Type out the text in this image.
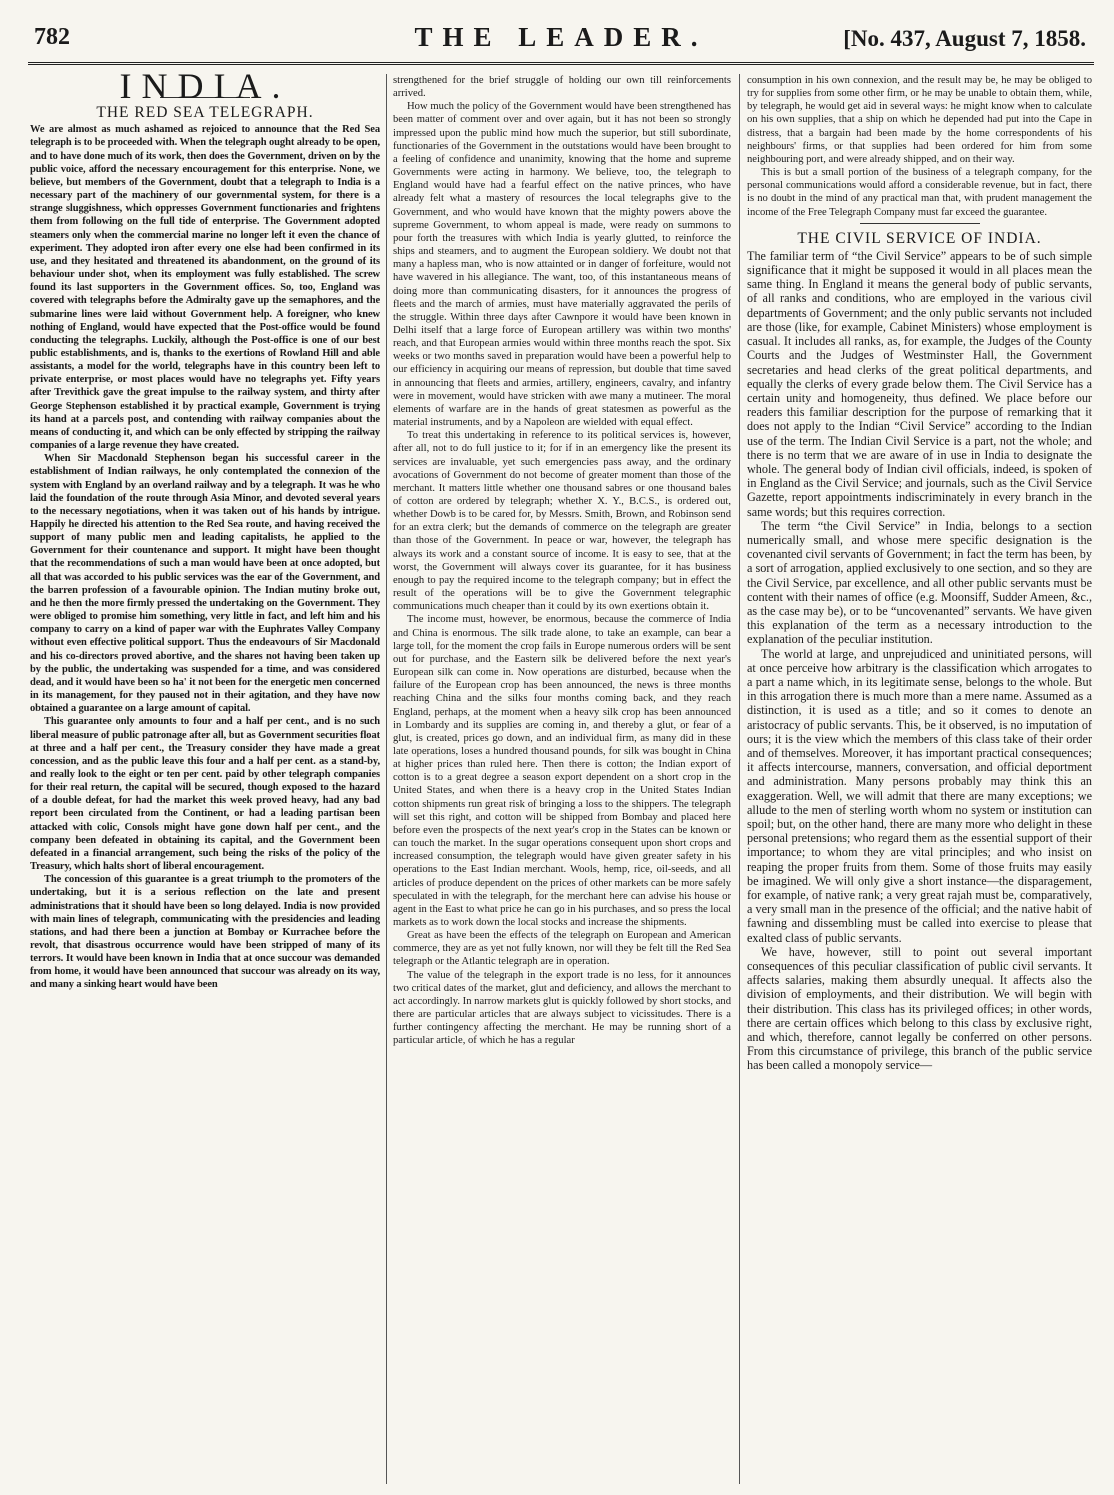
782	THE LEADER.	[No. 437, August 7, 1858.
INDIA.
THE RED SEA TELEGRAPH.

We are almost as much ashamed as rejoiced to announce that the Red Sea telegraph is to be proceeded with. When the telegraph ought already to be open, and to have done much of its work, then does the Government, driven on by the public voice, afford the necessary encouragement for this enterprise. None, we believe, but members of the Government, doubt that a telegraph to India is a necessary part of the machinery of our governmental system, for there is a strange sluggishness, which oppresses Government functionaries and frightens them from following on the full tide of enterprise. The Government adopted steamers only when the commercial marine no longer left it even the chance of experiment. They adopted iron after every one else had been confirmed in its use, and they hesitated and threatened its abandonment, on the ground of its behaviour under shot, when its employment was fully established. The screw found its last supporters in the Government offices. So, too, England was covered with telegraphs before the Admiralty gave up the semaphores, and the submarine lines were laid without Government help. A foreigner, who knew nothing of England, would have expected that the Post-office would be found conducting the telegraphs. Luckily, although the Post-office is one of our best public establishments, and is, thanks to the exertions of Rowland Hill and able assistants, a model for the world, telegraphs have in this country been left to private enterprise, or most places would have no telegraphs yet. Fifty years after Trevithick gave the great impulse to the railway system, and thirty after George Stephenson established it by practical example, Government is trying its hand at a parcels post, and contending with railway companies about the means of conducting it, and which can be only effected by stripping the railway companies of a large revenue they have created.

When Sir Macdonald Stephenson began his successful career in the establishment of Indian railways, he only contemplated the connexion of the system with England by an overland railway and by a telegraph. It was he who laid the foundation of the route through Asia Minor, and devoted several years to the necessary negotiations, when it was taken out of his hands by intrigue. Happily he directed his attention to the Red Sea route, and having received the support of many public men and leading capitalists, he applied to the Government for their countenance and support. It might have been thought that the recommendations of such a man would have been at once adopted, but all that was accorded to his public services was the ear of the Government, and the barren profession of a favourable opinion. The Indian mutiny broke out, and he then the more firmly pressed the undertaking on the Government. They were obliged to promise him something, very little in fact, and left him and his company to carry on a kind of paper war with the Euphrates Valley Company without even effective political support. Thus the endeavours of Sir Macdonald and his co-directors proved abortive, and the shares not having been taken up by the public, the undertaking was suspended for a time, and was considered dead, and it would have been so ha' it not been for the energetic men concerned in its management, for they paused not in their agitation, and they have now obtained a guarantee on a large amount of capital.

This guarantee only amounts to four and a half per cent., and is no such liberal measure of public patronage after all, but as Government securities float at three and a half per cent., the Treasury consider they have made a great concession, and as the public leave this four and a half per cent. as a stand-by, and really look to the eight or ten per cent. paid by other telegraph companies for their real return, the capital will be secured, though exposed to the hazard of a double defeat, for had the market this week proved heavy, had any bad report been circulated from the Continent, or had a leading partisan been attacked with colic, Consols might have gone down half per cent., and the company been defeated in obtaining its capital, and the Government been defeated in a financial arrangement, such being the risks of the policy of the Treasury, which halts short of liberal encouragement.

The concession of this guarantee is a great triumph to the promoters of the undertaking, but it is a serious reflection on the late and present administrations that it should have been so long delayed. India is now provided with main lines of telegraph, communicating with the presidencies and leading stations, and had there been a junction at Bombay or Kurrachee before the revolt, that disastrous occurrence would have been stripped of many of its terrors. It would have been known in India that at once succour was demanded from home, it would have been announced that succour was already on its way, and many a sinking heart would have been

strengthened for the brief struggle of holding our own till reinforcements arrived.

How much the policy of the Government would have been strengthened has been matter of comment over and over again, but it has not been so strongly impressed upon the public mind how much the superior, but still subordinate, functionaries of the Government in the outstations would have been brought to a feeling of confidence and unanimity, knowing that the home and supreme Governments were acting in harmony. We believe, too, the telegraph to England would have had a fearful effect on the native princes, who have already felt what a mastery of resources the local telegraphs give to the Government, and who would have known that the mighty powers above the supreme Government, to whom appeal is made, were ready on summons to pour forth the treasures with which India is yearly glutted, to reinforce the ships and steamers, and to augment the European soldiery. We doubt not that many a hapless man, who is now attainted or in danger of forfeiture, would not have wavered in his allegiance. The want, too, of this instantaneous means of doing more than communicating disasters, for it announces the progress of fleets and the march of armies, must have materially aggravated the perils of the struggle. Within three days after Cawnpore it would have been known in Delhi itself that a large force of European artillery was within two months' reach, and that European armies would within three months reach the spot. Six weeks or two months saved in preparation would have been a powerful help to our efficiency in acquiring our means of repression, but double that time saved in announcing that fleets and armies, artillery, engineers, cavalry, and infantry were in movement, would have stricken with awe many a mutineer. The moral elements of warfare are in the hands of great statesmen as powerful as the material instruments, and by a Napoleon are wielded with equal effect.

To treat this undertaking in reference to its political services is, however, after all, not to do full justice to it; for if in an emergency like the present its services are invaluable, yet such emergencies pass away, and the ordinary avocations of Government do not become of greater moment than those of the merchant. It matters little whether one thousand sabres or one thousand bales of cotton are ordered by telegraph; whether X. Y., B.C.S., is ordered out, whether Dowb is to be cared for, by Messrs. Smith, Brown, and Robinson send for an extra clerk; but the demands of commerce on the telegraph are greater than those of the Government. In peace or war, however, the telegraph has always its work and a constant source of income. It is easy to see, that at the worst, the Government will always cover its guarantee, for it has business enough to pay the required income to the telegraph company; but in effect the result of the operations will be to give the Government telegraphic communications much cheaper than it could by its own exertions obtain it.

The income must, however, be enormous, because the commerce of India and China is enormous. The silk trade alone, to take an example, can bear a large toll, for the moment the crop fails in Europe numerous orders will be sent out for purchase, and the Eastern silk be delivered before the next year's European silk can come in. Now operations are disturbed, because when the failure of the European crop has been announced, the news is three months reaching China and the silks four months coming back, and they reach England, perhaps, at the moment when a heavy silk crop has been announced in Lombardy and its supplies are coming in, and thereby a glut, or fear of a glut, is created, prices go down, and an individual firm, as many did in these late operations, loses a hundred thousand pounds, for silk was bought in China at higher prices than ruled here. Then there is cotton; the Indian export of cotton is to a great degree a season export dependent on a short crop in the United States, and when there is a heavy crop in the United States Indian cotton shipments run great risk of bringing a loss to the shippers. The telegraph will set this right, and cotton will be shipped from Bombay and placed here before even the prospects of the next year's crop in the States can be known or can touch the market. In the sugar operations consequent upon short crops and increased consumption, the telegraph would have given greater safety in his operations to the East Indian merchant. Wools, hemp, rice, oil-seeds, and all articles of produce dependent on the prices of other markets can be more safely speculated in with the telegraph, for the merchant here can advise his house or agent in the East to what price he can go in his purchases, and so press the local markets as to work down the local stocks and increase the shipments.

Great as have been the effects of the telegraph on European and American commerce, they are as yet not fully known, nor will they be felt till the Red Sea telegraph or the Atlantic telegraph are in operation.

The value of the telegraph in the export trade is no less, for it announces two critical dates of the market, glut and deficiency, and allows the merchant to act accordingly. In narrow markets glut is quickly followed by short stocks, and there are particular articles that are always subject to vicissitudes. There is a further contingency affecting the merchant. He may be running short of a particular article, of which he has a regular

consumption in his own connexion, and the result may be, he may be obliged to try for supplies from some other firm, or he may be unable to obtain them, while, by telegraph, he would get aid in several ways: he might know when to calculate on his own supplies, that a ship on which he depended had put into the Cape in distress, that a bargain had been made by the home correspondents of his neighbours' firms, or that supplies had been ordered for him from some neighbouring port, and were already shipped, and on their way.

This is but a small portion of the business of a telegraph company, for the personal communications would afford a considerable revenue, but in fact, there is no doubt in the mind of any practical man that, with prudent management the income of the Free Telegraph Company must far exceed the guarantee.

THE CIVIL SERVICE OF INDIA.

The familiar term of “the Civil Service” appears to be of such simple significance that it might be supposed it would in all places mean the same thing. In England it means the general body of public servants, of all ranks and conditions, who are employed in the various civil departments of Government; and the only public servants not included are those (like, for example, Cabinet Ministers) whose employment is casual. It includes all ranks, as, for example, the Judges of the County Courts and the Judges of Westminster Hall, the Government secretaries and head clerks of the great political departments, and equally the clerks of every grade below them. The Civil Service has a certain unity and homogeneity, thus defined. We place before our readers this familiar description for the purpose of remarking that it does not apply to the Indian “Civil Service” according to the Indian use of the term. The Indian Civil Service is a part, not the whole; and there is no term that we are aware of in use in India to designate the whole. The general body of Indian civil officials, indeed, is spoken of in England as the Civil Service; and journals, such as the Civil Service Gazette, report appointments indiscriminately in every branch in the same words; but this requires correction.

The term “the Civil Service” in India, belongs to a section numerically small, and whose mere specific designation is the covenanted civil servants of Government; in fact the term has been, by a sort of arrogation, applied exclusively to one section, and so they are the Civil Service, par excellence, and all other public servants must be content with their names of office (e.g. Moonsiff, Sudder Ameen, &c., as the case may be), or to be “uncovenanted” servants. We have given this explanation of the term as a necessary introduction to the explanation of the peculiar institution.

The world at large, and unprejudiced and uninitiated persons, will at once perceive how arbitrary is the classification which arrogates to a part a name which, in its legitimate sense, belongs to the whole. But in this arrogation there is much more than a mere name. Assumed as a distinction, it is used as a title; and so it comes to denote an aristocracy of public servants. This, be it observed, is no imputation of ours; it is the view which the members of this class take of their order and of themselves. Moreover, it has important practical consequences; it affects intercourse, manners, conversation, and official deportment and administration. Many persons probably may think this an exaggeration. Well, we will admit that there are many exceptions; we allude to the men of sterling worth whom no system or institution can spoil; but, on the other hand, there are many more who delight in these personal pretensions; who regard them as the essential support of their importance; to whom they are vital principles; and who insist on reaping the proper fruits from them. Some of those fruits may easily be imagined. We will only give a short instance—the disparagement, for example, of native rank; a very great rajah must be, comparatively, a very small man in the presence of the official; and the native habit of fawning and dissembling must be called into exercise to please that exalted class of public servants.

We have, however, still to point out several important consequences of this peculiar classification of public civil servants. It affects salaries, making them absurdly unequal. It affects also the division of employments, and their distribution. We will begin with their distribution. This class has its privileged offices; in other words, there are certain offices which belong to this class by exclusive right, and which, therefore, cannot legally be conferred on other persons. From this circumstance of privilege, this branch of the public service has been called a monopoly service—
